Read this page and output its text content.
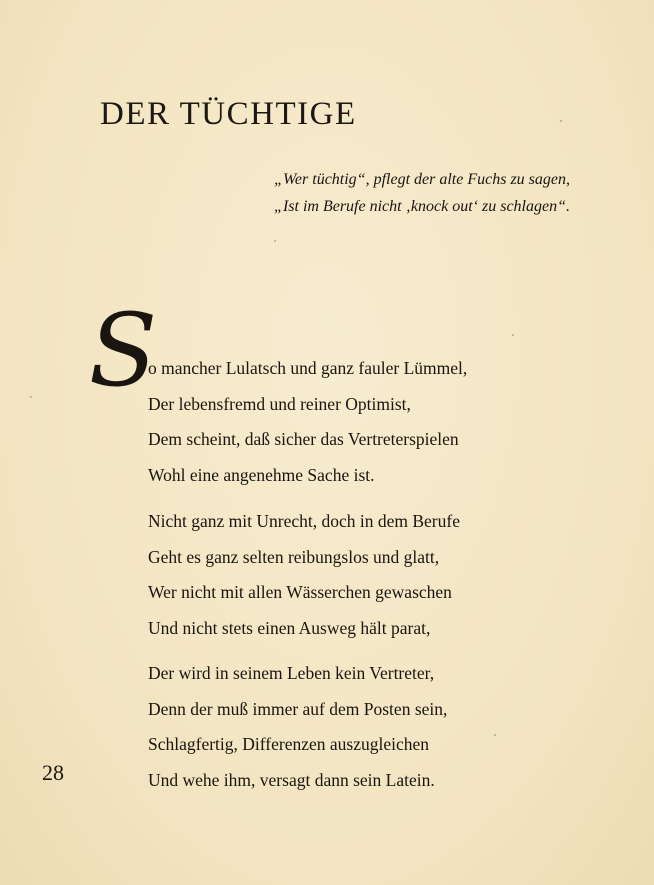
DER TÜCHTIGE
„Wer tüchtig“, pflegt der alte Fuchs zu sagen,
„Ist im Berufe nicht ‚knock out‘ zu schlagen“.
S
o mancher Lulatsch und ganz fauler Lümmel,
Der lebensfremd und reiner Optimist,
Dem scheint, daß sicher das Vertreterspielen
Wohl eine angenehme Sache ist.
Nicht ganz mit Unrecht, doch in dem Berufe
Geht es ganz selten reibungslos und glatt,
Wer nicht mit allen Wässerchen gewaschen
Und nicht stets einen Ausweg hält parat,
Der wird in seinem Leben kein Vertreter,
Denn der muß immer auf dem Posten sein,
Schlagfertig, Differenzen auszugleichen
Und wehe ihm, versagt dann sein Latein.
28
